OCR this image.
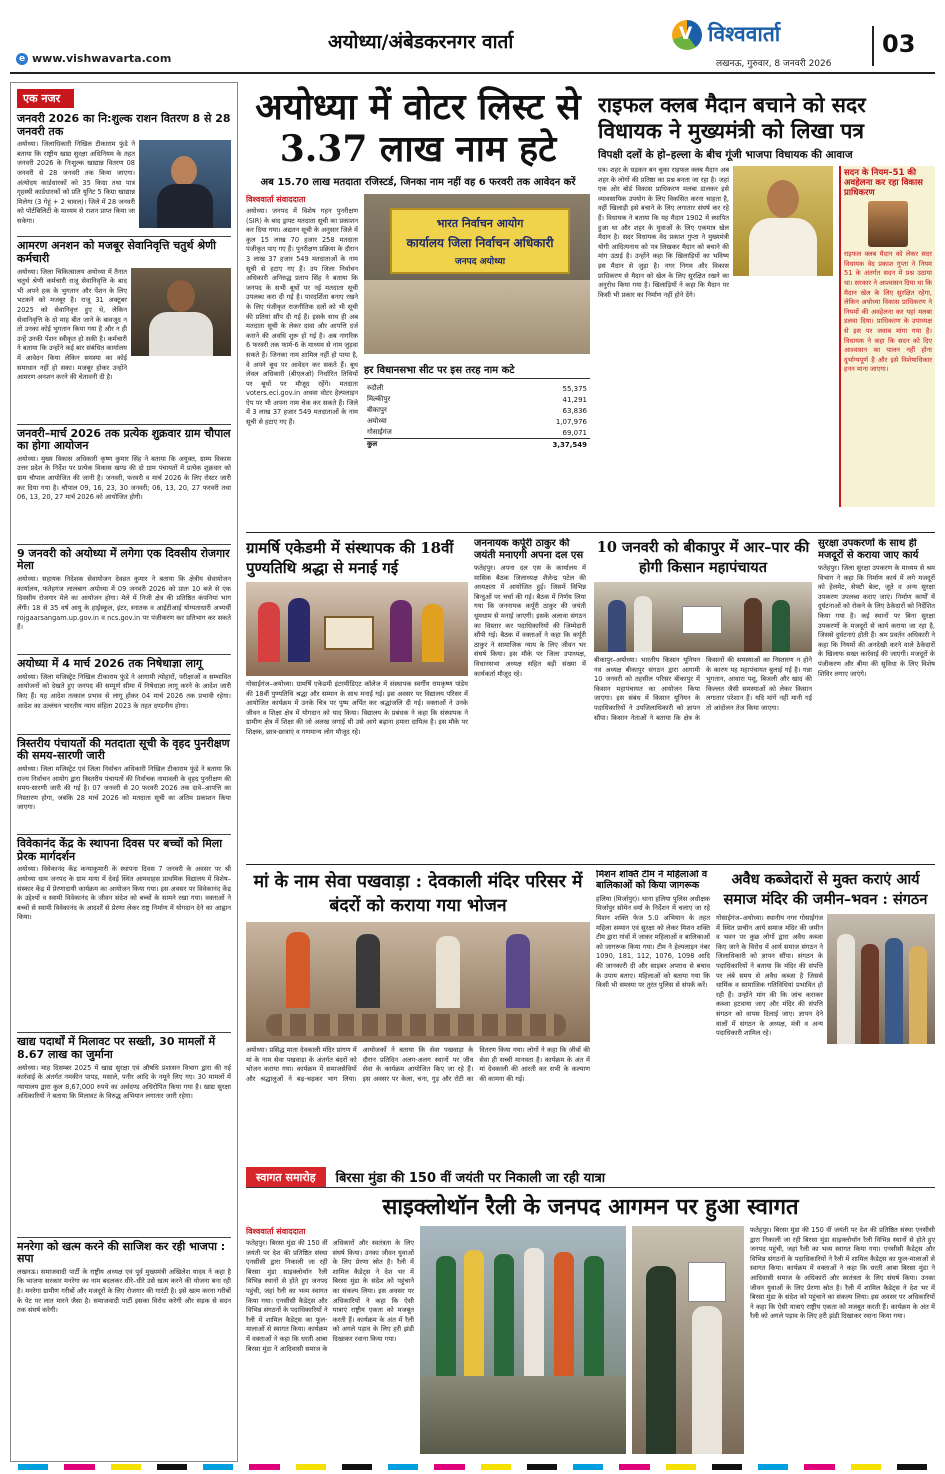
अयोध्या/अंबेडकरनगर वार्ता
e www.vishwavarta.com
V विश्ववार्ता
लखनऊ, गुरुवार, 8 जनवरी 2026
03
एक नजर
जनवरी 2026 का नि:शुल्क राशन वितरण 8 से 28 जनवरी तक
अयोध्या। जिलाधिकारी निखिल टीकाराम फुंडे ने बताया कि राष्ट्रीय खाद्य सुरक्षा अधिनियम के तहत जनवरी 2026 के निःशुल्क खाद्यान्न वितरण 08 जनवरी से 28 जनवरी तक किया जाएगा। अंत्योदय कार्डधारकों को 35 किग्रा तथा पात्र गृहस्थी कार्डधारकों को प्रति यूनिट 5 किग्रा खाद्यान्न मिलेगा (3 गेहूं + 2 चावल)। जिले में 28 जनवरी को पोर्टबिलिटी के माध्यम से राशन प्राप्त किया जा सकेगा।
आमरण अनशन को मजबूर सेवानिवृत्ति चतुर्थ श्रेणी कर्मचारी
अयोध्या। जिला चिकित्सालय अयोध्या में तैनात चतुर्थ श्रेणी कर्मचारी राजू सेवानिवृत्ति के बाद भी अपने हक के भुगतान और पेंशन के लिए भटकने को मजबूर है। राजू 31 अक्टूबर 2025 को सेवानिवृत्त हुए थे, लेकिन सेवानिवृत्ति के दो माह बीत जाने के बावजूद न तो उनका कोई भुगतान किया गया है और न ही उन्हें उनकी पेंशन स्वीकृत हो सकी है। कर्मचारी ने बताया कि उन्होंने कई बार संबंधित कार्यालय में आवेदन किया लेकिन समस्या का कोई समाधान नहीं हो सका। मजबूर होकर उन्होंने आमरण अनशन करने की चेतावनी दी है।
जनवरी–मार्च 2026 तक प्रत्येक शुक्रवार ग्राम चौपाल का होगा आयोजन
अयोध्या। मुख्य विकास अधिकारी कृष्ण कुमार सिंह ने बताया कि अयुक्त, ग्राम्य विकास उत्तर प्रदेश के निर्देश पर प्रत्येक विकास खण्ड की दो ग्राम पंचायतों में प्रत्येक शुक्रवार को ग्राम चौपाल आयोजित की जानी है। जनवरी, फरवरी व मार्च 2026 के लिए रोस्टर जारी कर दिया गया है। चौपाल 09, 16, 23, 30 जनवरी; 06, 13, 20, 27 फरवरी तथा 06, 13, 20, 27 मार्च 2026 को आयोजित होगी।
9 जनवरी को अयोध्या में लगेगा एक दिवसीय रोजगार मेला
अयोध्या। सहायक निदेशक सेवायोजन देवव्रत कुमार ने बताया कि क्षेत्रीय सेवायोजन कार्यालय, फतेहगंज लालबाग अयोध्या में 09 जनवरी 2026 को प्रातः 10 बजे से एक दिवसीय रोजगार मेले का आयोजन होगा। मेले में निजी क्षेत्र की प्रतिष्ठित कंपनियां भाग लेंगी। 18 से 35 वर्ष आयु के हाईस्कूल, इंटर, स्नातक व आईटीआई योग्यताधारी अभ्यर्थी rojgaarsangam.up.gov.in व ncs.gov.in पर पंजीकरण कर प्रतिभाग कर सकते हैं।
अयोध्या में 4 मार्च 2026 तक निषेधाज्ञा लागू
अयोध्या। जिला मजिस्ट्रेट निखिल टीकाराम फुंडे ने आगामी त्योहारों, परीक्षाओं व सम्भावित आयोजनों को देखते हुए जनपद की सम्पूर्ण सीमा में निषेधाज्ञा लागू करने के आदेश जारी किए हैं। यह आदेश तत्काल प्रभाव से लागू होकर 04 मार्च 2026 तक प्रभावी रहेगा। आदेश का उल्लंघन भारतीय न्याय संहिता 2023 के तहत दण्डनीय होगा।
त्रिस्तरीय पंचायतों की मतदाता सूची के वृहद पुनरीक्षण की समय-सारणी जारी
अयोध्या। जिला मजिस्ट्रेट एवं जिला निर्वाचन अधिकारी निखिल टीकाराम फुंडे ने बताया कि राज्य निर्वाचन आयोग द्वारा त्रिस्तरीय पंचायतों की निर्वाचक नामावली के वृहद पुनरीक्षण की समय-सारणी जारी की गई है। 07 जनवरी से 20 फरवरी 2026 तक दावे–आपत्ति का निस्तारण होगा, जबकि 28 मार्च 2026 को मतदाता सूची का अंतिम प्रकाशन किया जाएगा।
विवेकानंद केंद्र के स्थापना दिवस पर बच्चों को मिला प्रेरक मार्गदर्शन
अयोध्या। विवेकानंद केंद्र कन्याकुमारी के स्थापना दिवस 7 जनवरी के अवसर पर श्री अयोध्या धाम जनपद के ग्राम माया में देवई स्थित आमवाहस प्राथमिक विद्यालय में विशेष–संस्कार केंद्र में प्रेरणादायी कार्यक्रम का आयोजन किया गया। इस अवसर पर विवेकानंद केंद्र के उद्देश्यों व स्वामी विवेकानंद के जीवन संदेश को बच्चों के सामने रखा गया। वक्ताओं ने बच्चों से स्वामी विवेकानंद के आदर्शों से प्रेरणा लेकर राष्ट्र निर्माण में योगदान देने का आह्वान किया।
खाद्य पदार्थों में मिलावट पर सख्ती, 30 मामलों में 8.67 लाख का जुर्माना
अयोध्या। माह दिसम्बर 2025 में खाद्य सुरक्षा एवं औषधि प्रशासन विभाग द्वारा की गई कार्रवाई के अंतर्गत नमकीन पापड़, मसाले, पनीर आदि के नमूने लिए गए। 30 मामलों में न्यायालय द्वारा कुल 8,67,000 रुपये का अर्थदण्ड अधिरोपित किया गया है। खाद्य सुरक्षा अधिकारियों ने बताया कि मिलावट के विरुद्ध अभियान लगातार जारी रहेगा।
मनरेगा को खत्म करने की साजिश कर रही भाजपा : सपा
लखनऊ। समाजवादी पार्टी के राष्ट्रीय अध्यक्ष एवं पूर्व मुख्यमंत्री अखिलेश यादव ने कहा है कि भाजपा सरकार मनरेगा का नाम बदलकर धीरे–धीरे उसे खत्म करने की योजना बना रही है। मनरेगा ग्रामीण गरीबों और मजदूरों के लिए रोजगार की गारंटी है। इसे खत्म करना गरीबों के पेट पर लात मारने जैसा है। समाजवादी पार्टी इसका विरोध करेगी और सड़क से सदन तक संघर्ष करेगी।
अयोध्या में वोटर लिस्ट से 3.37 लाख नाम हटे
अब 15.70 लाख मतदाता रजिस्टर्ड, जिनका नाम नहीं वह 6 फरवरी तक आवेदन करें
विश्ववार्ता संवाददाता
अयोध्या। जनपद में विशेष गहन पुनरीक्षण (SIR) के बाद ड्राफ्ट मतदाता सूची का प्रकाशन कर दिया गया। अद्यतन सूची के अनुसार जिले में कुल 15 लाख 70 हजार 258 मतदाता पंजीकृत पाए गए हैं। पुनरीक्षण प्रक्रिया के दौरान 3 लाख 37 हजार 549 मतदाताओं के नाम सूची से हटाए गए हैं। उप जिला निर्वाचन अधिकारी अनिरुद्ध प्रताप सिंह ने बताया कि जनपद के सभी बूथों पर नई मतदाता सूची उपलब्ध करा दी गई है। पारदर्शिता बनाए रखने के लिए पंजीकृत राजनीतिक दलों को भी सूची की प्रतियां सौंप दी गई हैं। इसके साथ ही अब मतदाता सूची के लेकर दावा और आपत्ति दर्ज कराने की अवधि शुरू हो गई है। अब नागरिक 6 फरवरी तक फार्म-6 के माध्यम से नाम जुड़वा सकते हैं। जिनका नाम शामिल नहीं हो पाया है, वे अपने बूथ पर आवेदन कर सकते हैं। बूथ लेवल अधिकारी (बीएलओ) निर्धारित तिथियों पर बूथों पर मौजूद रहेंगे। मतदाता voters.eci.gov.in अथवा वोटर हेल्पलाइन ऐप पर भी अपना नाम चेक कर सकते हैं। जिले में 3 लाख 37 हजार 549 मतदाताओं के नाम सूची से हटाए गए हैं।
भारत निर्वाचन आयोग
कार्यालय जिला निर्वाचन अधिकारी
जनपद अयोध्या
हर विधानसभा सीट पर इस तरह नाम कटे
रुदौली	55,375
मिल्कीपुर	41,291
बीकापुर	63,836
अयोध्या	1,07,976
गोसाईगंज	69,071
कुल	3,37,549
राइफल क्लब मैदान बचाने को सदर विधायक ने मुख्यमंत्री को लिखा पत्र
विपक्षी दलों के हो–हल्ला के बीच गूंजी भाजपा विधायक की आवाज
पत्र। शहर के धड़कन बन चुका राइफल क्लब मैदान अब शहर के लोगों की प्रतिष्ठा का प्रश्न बनता जा रहा है। जहां एक ओर बोर्ड विकास प्राधिकरण मलबा डालकर इसे व्यावसायिक उपयोग के लिए विकसित करना चाहता है, वहीं खिलाड़ी इसे बचाने के लिए लगातार संघर्ष कर रहे हैं। विधायक ने बताया कि यह मैदान 1902 में स्थापित हुआ था और शहर के युवाओं के लिए एकमात्र खेल मैदान है। सदर विधायक वेद प्रकाश गुप्ता ने मुख्यमंत्री योगी आदित्यनाथ को पत्र लिखकर मैदान को बचाने की मांग उठाई है। उन्होंने कहा कि खिलाड़ियों का भविष्य इस मैदान से जुड़ा है। नगर निगम और विकास प्राधिकरण से मैदान को खेल के लिए सुरक्षित रखने का अनुरोध किया गया है। खिलाड़ियों ने कहा कि मैदान पर किसी भी प्रकार का निर्माण नहीं होने देंगे।
सदन के नियम–51 की अवहेलना कर रहा विकास प्राधिकरण
राइफल क्लब मैदान को लेकर सदर विधायक वेद प्रकाश गुप्ता ने नियम 51 के अंतर्गत सदन में प्रश्न उठाया था। सरकार ने आश्वासन दिया था कि मैदान खेल के लिए सुरक्षित रहेगा, लेकिन अयोध्या विकास प्राधिकरण ने नियमों की अवहेलना कर यहां मलबा डलवा दिया। प्राधिकरण के उपाध्यक्ष से इस पर जवाब मांगा गया है। विधायक ने कहा कि सदन को दिए आश्वासन का पालन नहीं होना दुर्भाग्यपूर्ण है और इसे विशेषाधिकार हनन माना जाएगा।
ग्रामर्षि एकेडमी में संस्थापक की 18वीं पुण्यतिथि श्रद्धा से मनाई गई
गोसाईगंज–अयोध्या। ग्रामर्षि एकेडमी इंटरमीडिएट कॉलेज में संस्थापक स्वर्गीय रामकृष्ण पांडेय की 18वीं पुण्यतिथि श्रद्धा और सम्मान के साथ मनाई गई। इस अवसर पर विद्यालय परिसर में आयोजित कार्यक्रम में उनके चित्र पर पुष्प अर्पित कर श्रद्धांजलि दी गई। वक्ताओं ने उनके जीवन व शिक्षा क्षेत्र में योगदान को याद किया। विद्यालय के प्रबंधक ने कहा कि संस्थापक ने ग्रामीण क्षेत्र में शिक्षा की जो अलख जगाई थी उसे आगे बढ़ाना हमारा दायित्व है। इस मौके पर शिक्षक, छात्र-छात्राएं व गणमान्य लोग मौजूद रहे।
जननायक कर्पूरी ठाकुर की जयंती मनाएगी अपना दल एस
फतेहपुर। अपना दल एस के कार्यालय में मासिक बैठक जिलाध्यक्ष शैलेन्द्र पटेल की अध्यक्षता में आयोजित हुई। जिसमें विभिन्न बिन्दुओं पर चर्चा की गई। बैठक में निर्णय लिया गया कि जननायक कर्पूरी ठाकुर की जयंती धूमधाम से मनाई जाएगी। इसके अलावा संगठन का विस्तार कर पदाधिकारियों की जिम्मेदारी सौंपी गई। बैठक में वक्ताओं ने कहा कि कर्पूरी ठाकुर ने सामाजिक न्याय के लिए जीवन भर संघर्ष किया। इस मौके पर जिला उपाध्यक्ष, विधानसभा अध्यक्ष सहित बड़ी संख्या में कार्यकर्ता मौजूद रहे।
10 जनवरी को बीकापुर में आर–पार की होगी किसान महापंचायत
बीकापुर–अयोध्या। भारतीय किसान यूनियन नव अध्यक्ष बीकापुर संगठन द्वारा आगामी 10 जनवरी को तहसील परिसर बीकापुर में किसान महापंचायत का आयोजन किया जाएगा। इस संबंध में किसान यूनियन के पदाधिकारियों ने उपजिलाधिकारी को ज्ञापन सौंपा। किसान नेताओं ने बताया कि क्षेत्र के किसानों की समस्याओं का निस्तारण न होने के कारण यह महापंचायत बुलाई गई है। गन्ना भुगतान, आवारा पशु, बिजली और खाद की किल्लत जैसी समस्याओं को लेकर किसान लगातार परेशान हैं। यदि मांगें नहीं मानी गईं तो आंदोलन तेज किया जाएगा।
सुरक्षा उपकरणों के साथ ही मजदूरों से कराया जाए कार्य
फतेहपुर। जिला सुरक्षा उपकरण के माध्यम से श्रम विभाग ने कहा कि निर्माण कार्य में लगे मजदूरों को हेलमेट, सेफ्टी बेल्ट, जूते व अन्य सुरक्षा उपकरण उपलब्ध कराए जाएं। निर्माण कार्यों में दुर्घटनाओं को रोकने के लिए ठेकेदारों को निर्देशित किया गया है। कई स्थानों पर बिना सुरक्षा उपकरणों के मजदूरों से कार्य कराया जा रहा है, जिससे दुर्घटनाएं होती हैं। श्रम प्रवर्तन अधिकारी ने कहा कि नियमों की अनदेखी करने वाले ठेकेदारों के खिलाफ सख्त कार्रवाई की जाएगी। मजदूरों के पंजीकरण और बीमा की सुविधा के लिए विशेष शिविर लगाए जाएंगे।
मां के नाम सेवा पखवाड़ा : देवकाली मंदिर परिसर में बंदरों को कराया गया भोजन
अयोध्या। प्रसिद्ध माता देवकाली मंदिर प्रांगण में मां के नाम सेवा पखवाड़ा के अंतर्गत बंदरों को भोजन कराया गया। कार्यक्रम में समाजसेवियों और श्रद्धालुओं ने बढ़-चढ़कर भाग लिया। आयोजकों ने बताया कि सेवा पखवाड़ा के दौरान प्रतिदिन अलग-अलग स्थानों पर जीव सेवा के कार्यक्रम आयोजित किए जा रहे हैं। इस अवसर पर केला, चना, गुड़ और रोटी का वितरण किया गया। लोगों ने कहा कि जीवों की सेवा ही सच्ची मानवता है। कार्यक्रम के अंत में मां देवकाली की आरती कर सभी के कल्याण की कामना की गई।
मिशन शक्ति टीम ने महिलाओं व बालिकाओं को किया जागरूक
हलिया (मिर्जापुर)। थाना हलिया पुलिस अधीक्षक मिर्जापुर सोमेन वर्मा के निर्देशन में चलाए जा रहे मिशन शक्ति फेज 5.0 अभियान के तहत महिला सम्मान एवं सुरक्षा को लेकर मिशन शक्ति टीम द्वारा गांवों में जाकर महिलाओं व बालिकाओं को जागरूक किया गया। टीम ने हेल्पलाइन नंबर 1090, 181, 112, 1076, 1098 आदि की जानकारी दी और साइबर अपराध से बचाव के उपाय बताए। महिलाओं को बताया गया कि किसी भी समस्या पर तुरंत पुलिस से संपर्क करें।
अवैध कब्जेदारों से मुक्त कराएं आर्य समाज मंदिर की जमीन–भवन : संगठन
गोसाईगंज–अयोध्या। स्थानीय नगर गोसाईगंज में स्थित प्राचीन आर्य समाज मंदिर की जमीन व भवन पर कुछ लोगों द्वारा अवैध कब्जा किए जाने के विरोध में आर्य समाज संगठन ने जिलाधिकारी को ज्ञापन सौंपा। संगठन के पदाधिकारियों ने बताया कि मंदिर की संपत्ति पर लंबे समय से अवैध कब्जा है जिससे धार्मिक व सामाजिक गतिविधियां प्रभावित हो रही हैं। उन्होंने मांग की कि जांच कराकर कब्जा हटवाया जाए और मंदिर की संपत्ति संगठन को वापस दिलाई जाए। ज्ञापन देने वालों में संगठन के अध्यक्ष, मंत्री व अन्य पदाधिकारी शामिल रहे।
स्वागत समारोह	बिरसा मुंडा की 150 वीं जयंती पर निकाली जा रही यात्रा
साइक्लोथॉन रैली के जनपद आगमन पर हुआ स्वागत
विश्ववार्ता संवाददाता
फतेहपुर। बिरसा मुंडा की 150 वीं जयंती पर देश की प्रतिष्ठित संस्था एनसीसी द्वारा निकाली जा रही बिरसा मुंडा साइक्लोथॉन रैली विभिन्न स्थानों से होते हुए जनपद पहुंची, जहां रैली का भव्य स्वागत किया गया। एनसीसी कैडेट्स और विभिन्न संगठनों के पदाधिकारियों ने रैली में शामिल कैडेट्स का फूल-मालाओं से स्वागत किया। कार्यक्रम में वक्ताओं ने कहा कि धरती आबा बिरसा मुंडा ने आदिवासी समाज के अधिकारों और स्वतंत्रता के लिए संघर्ष किया। उनका जीवन युवाओं के लिए प्रेरणा स्रोत है। रैली में शामिल कैडेट्स ने देश भर में बिरसा मुंडा के संदेश को पहुंचाने का संकल्प लिया। इस अवसर पर अधिकारियों ने कहा कि ऐसी यात्राएं राष्ट्रीय एकता को मजबूत करती हैं। कार्यक्रम के अंत में रैली को अगले पड़ाव के लिए हरी झंडी दिखाकर रवाना किया गया।
फतेहपुर। बिरसा मुंडा की 150 वीं जयंती पर देश की प्रतिष्ठित संस्था एनसीसी द्वारा निकाली जा रही बिरसा मुंडा साइक्लोथॉन रैली विभिन्न स्थानों से होते हुए जनपद पहुंची, जहां रैली का भव्य स्वागत किया गया। एनसीसी कैडेट्स और विभिन्न संगठनों के पदाधिकारियों ने रैली में शामिल कैडेट्स का फूल-मालाओं से स्वागत किया। कार्यक्रम में वक्ताओं ने कहा कि धरती आबा बिरसा मुंडा ने आदिवासी समाज के अधिकारों और स्वतंत्रता के लिए संघर्ष किया। उनका जीवन युवाओं के लिए प्रेरणा स्रोत है। रैली में शामिल कैडेट्स ने देश भर में बिरसा मुंडा के संदेश को पहुंचाने का संकल्प लिया। इस अवसर पर अधिकारियों ने कहा कि ऐसी यात्राएं राष्ट्रीय एकता को मजबूत करती हैं। कार्यक्रम के अंत में रैली को अगले पड़ाव के लिए हरी झंडी दिखाकर रवाना किया गया।
